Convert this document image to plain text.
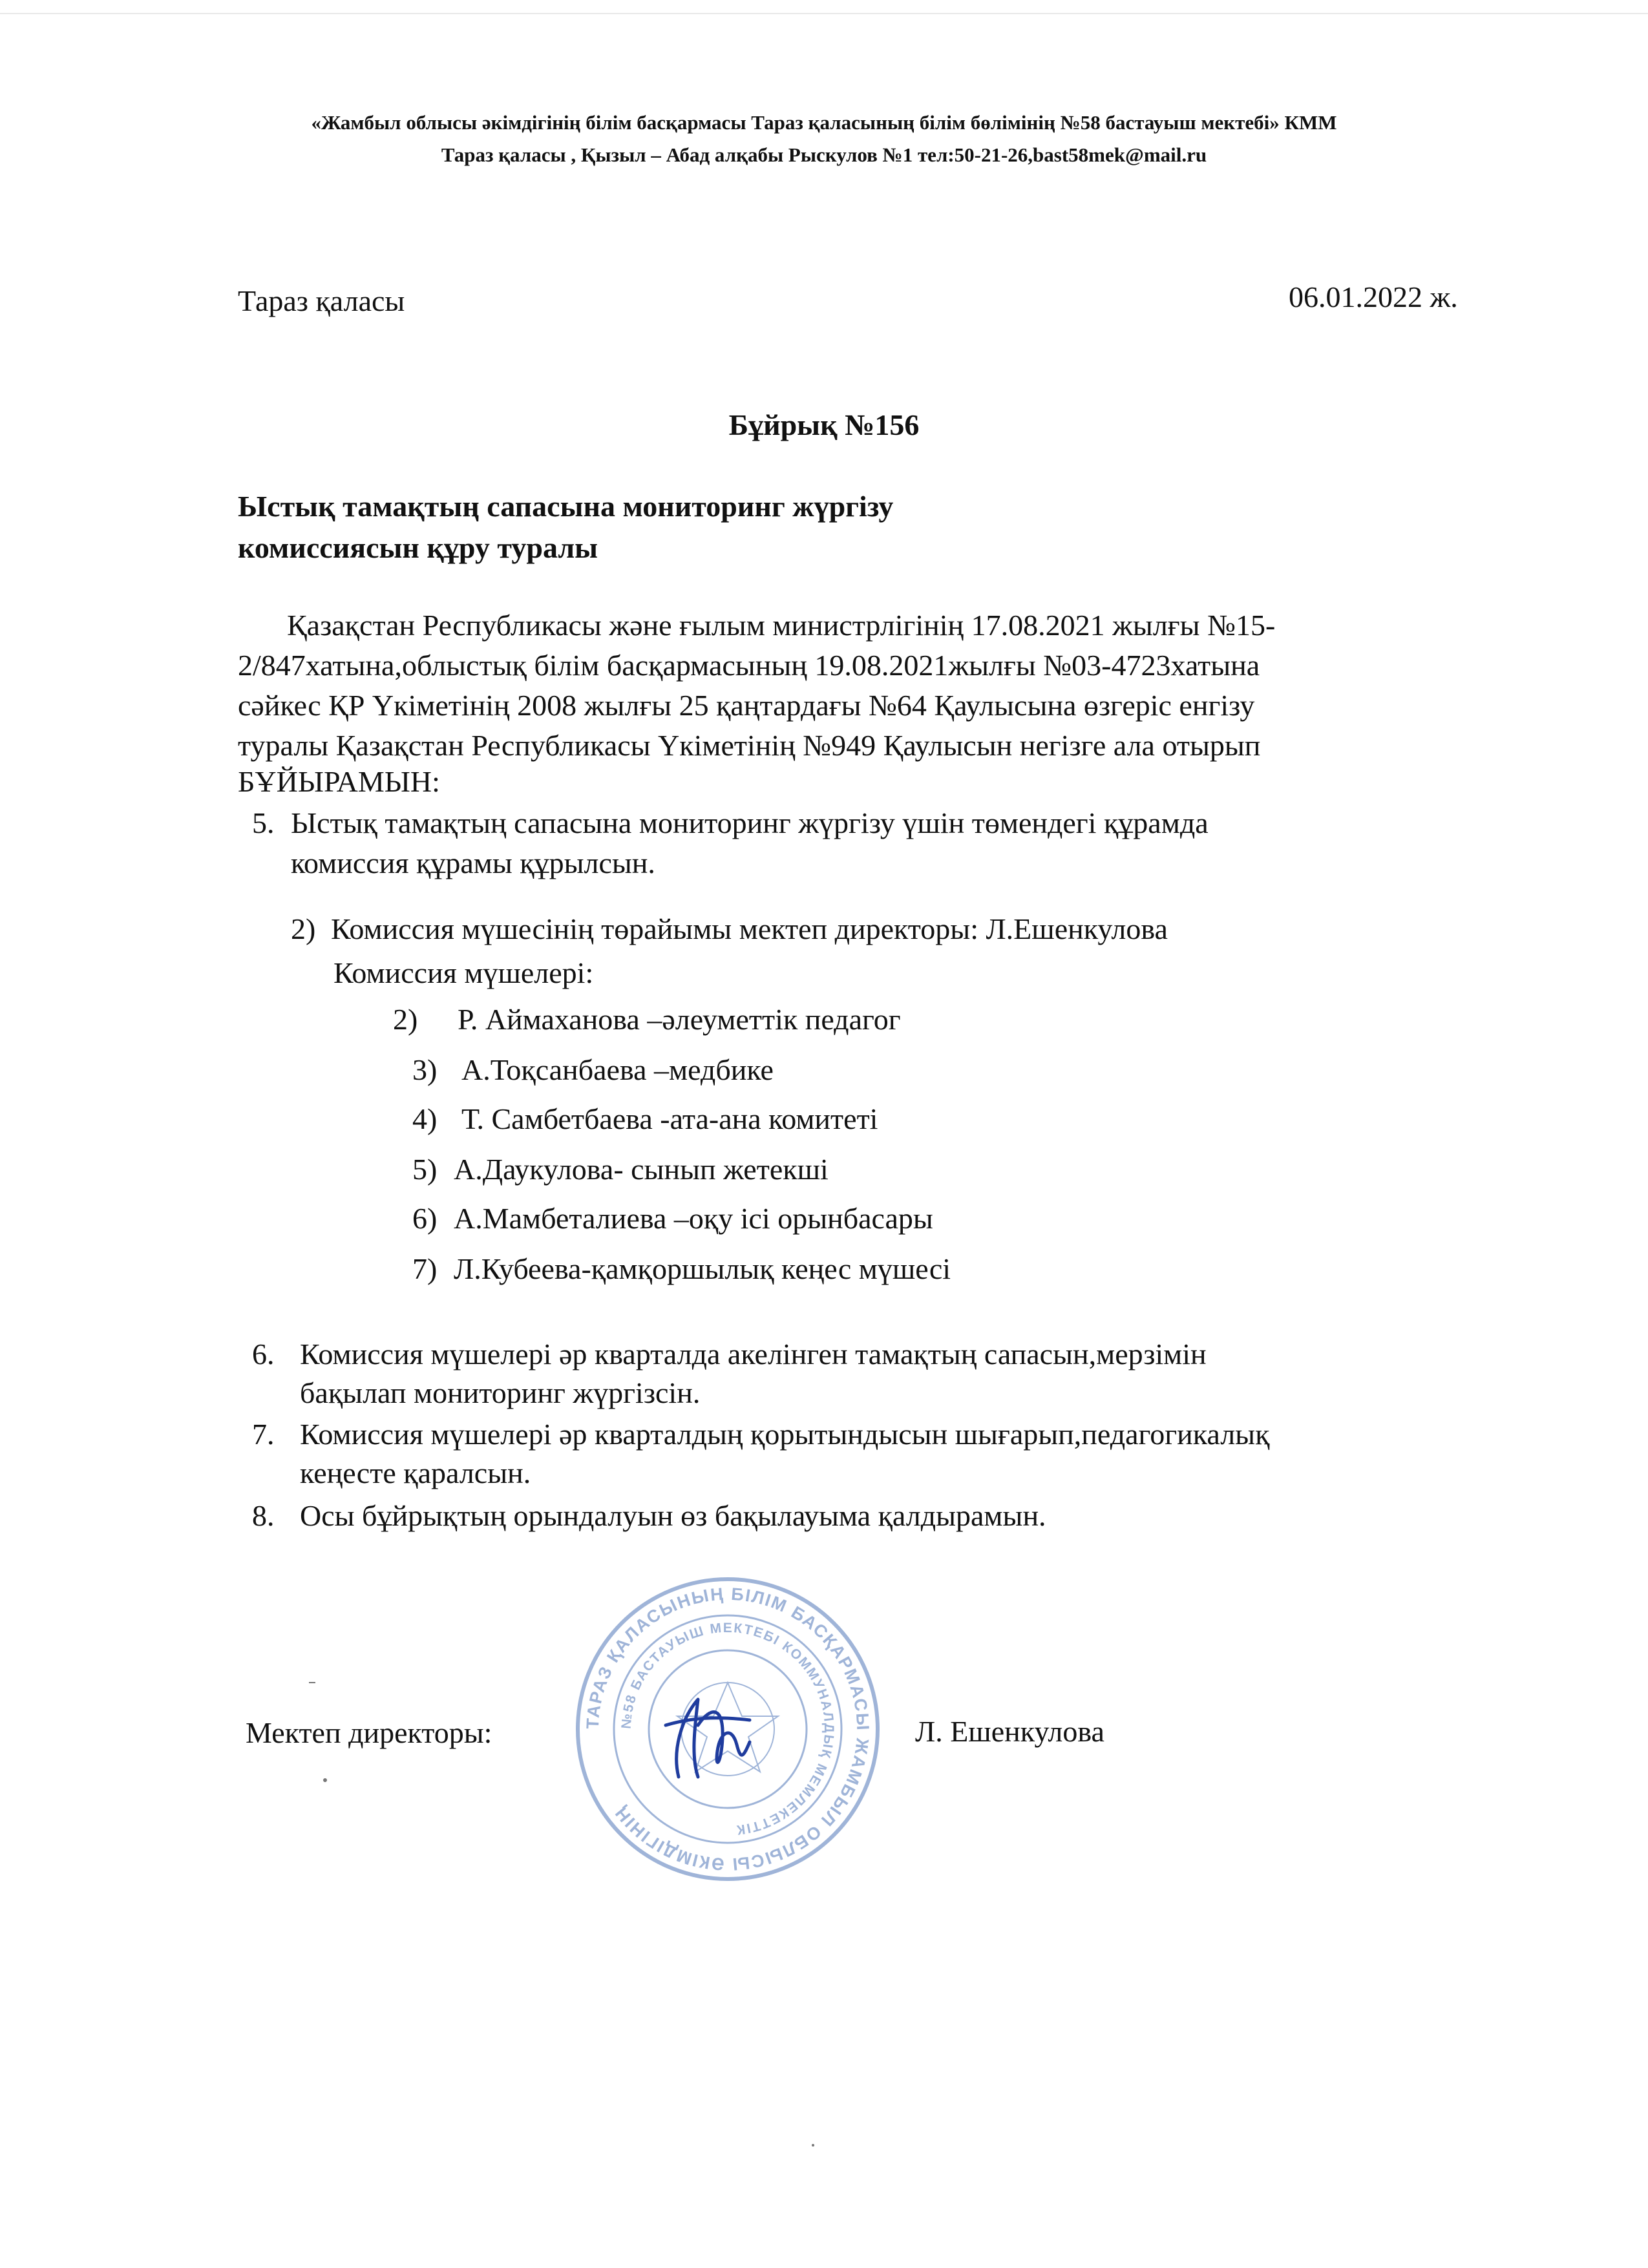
«Жамбыл облысы әкімдігінің білім басқармасы Тараз қаласының білім бөлімінің №58 бастауыш мектебі» КММ
Тараз қаласы , Қызыл – Абад алқабы Рыскулов №1 тел:50-21-26,bast58mek@mail.ru
Тараз қаласы	06.01.2022 ж.
Бұйрық №156
Ыстық тамақтың сапасына мониторинг жүргізу
комиссиясын құру туралы
Қазақстан Республикасы және ғылым министрлігінің 17.08.2021 жылғы №15-
2/847хатына,облыстық білім басқармасының 19.08.2021жылғы №03-4723хатына
сәйкес ҚР Үкіметінің 2008 жылғы 25 қаңтардағы №64 Қаулысына өзгеріс енгізу
туралы Қазақстан Республикасы Үкіметінің №949 Қаулысын негізге ала отырып
БҰЙЫРАМЫН:
5. Ыстық тамақтың сапасына мониторинг жүргізу үшін төмендегі құрамда
комиссия құрамы құрылсын.
2) Комиссия мүшесінің төрайымы мектеп директоры: Л.Ешенкулова
Комиссия мүшелері:
2) Р. Аймаханова –әлеуметтік педагог
3) А.Тоқсанбаева –медбике
4) Т. Самбетбаева -ата-ана комитеті
5) А.Даукулова- сынып жетекші
6) А.Мамбеталиева –оқу ісі орынбасары
7) Л.Кубеева-қамқоршылық кеңес мүшесі
6. Комиссия мүшелері әр кварталда акелінген тамақтың сапасын,мерзімін
бақылап мониторинг жүргізсін.
7. Комиссия мүшелері әр кварталдың қорытындысын шығарып,педагогикалық
кеңесте қаралсын.
8. Осы бұйрықтың орындалуын өз бақылауыма қалдырамын.
ТАРАЗ ҚАЛАСЫНЫҢ БІЛІМ БАСҚАРМАСЫ ЖАМБЫЛ ОБЛЫСЫ ӘКІМДІГІНІҢ
№58 БАСТАУЫШ МЕКТЕБІ КОММУНАЛДЫҚ МЕМЛЕКЕТТІК
Мектеп директоры:	Л. Ешенкулова
